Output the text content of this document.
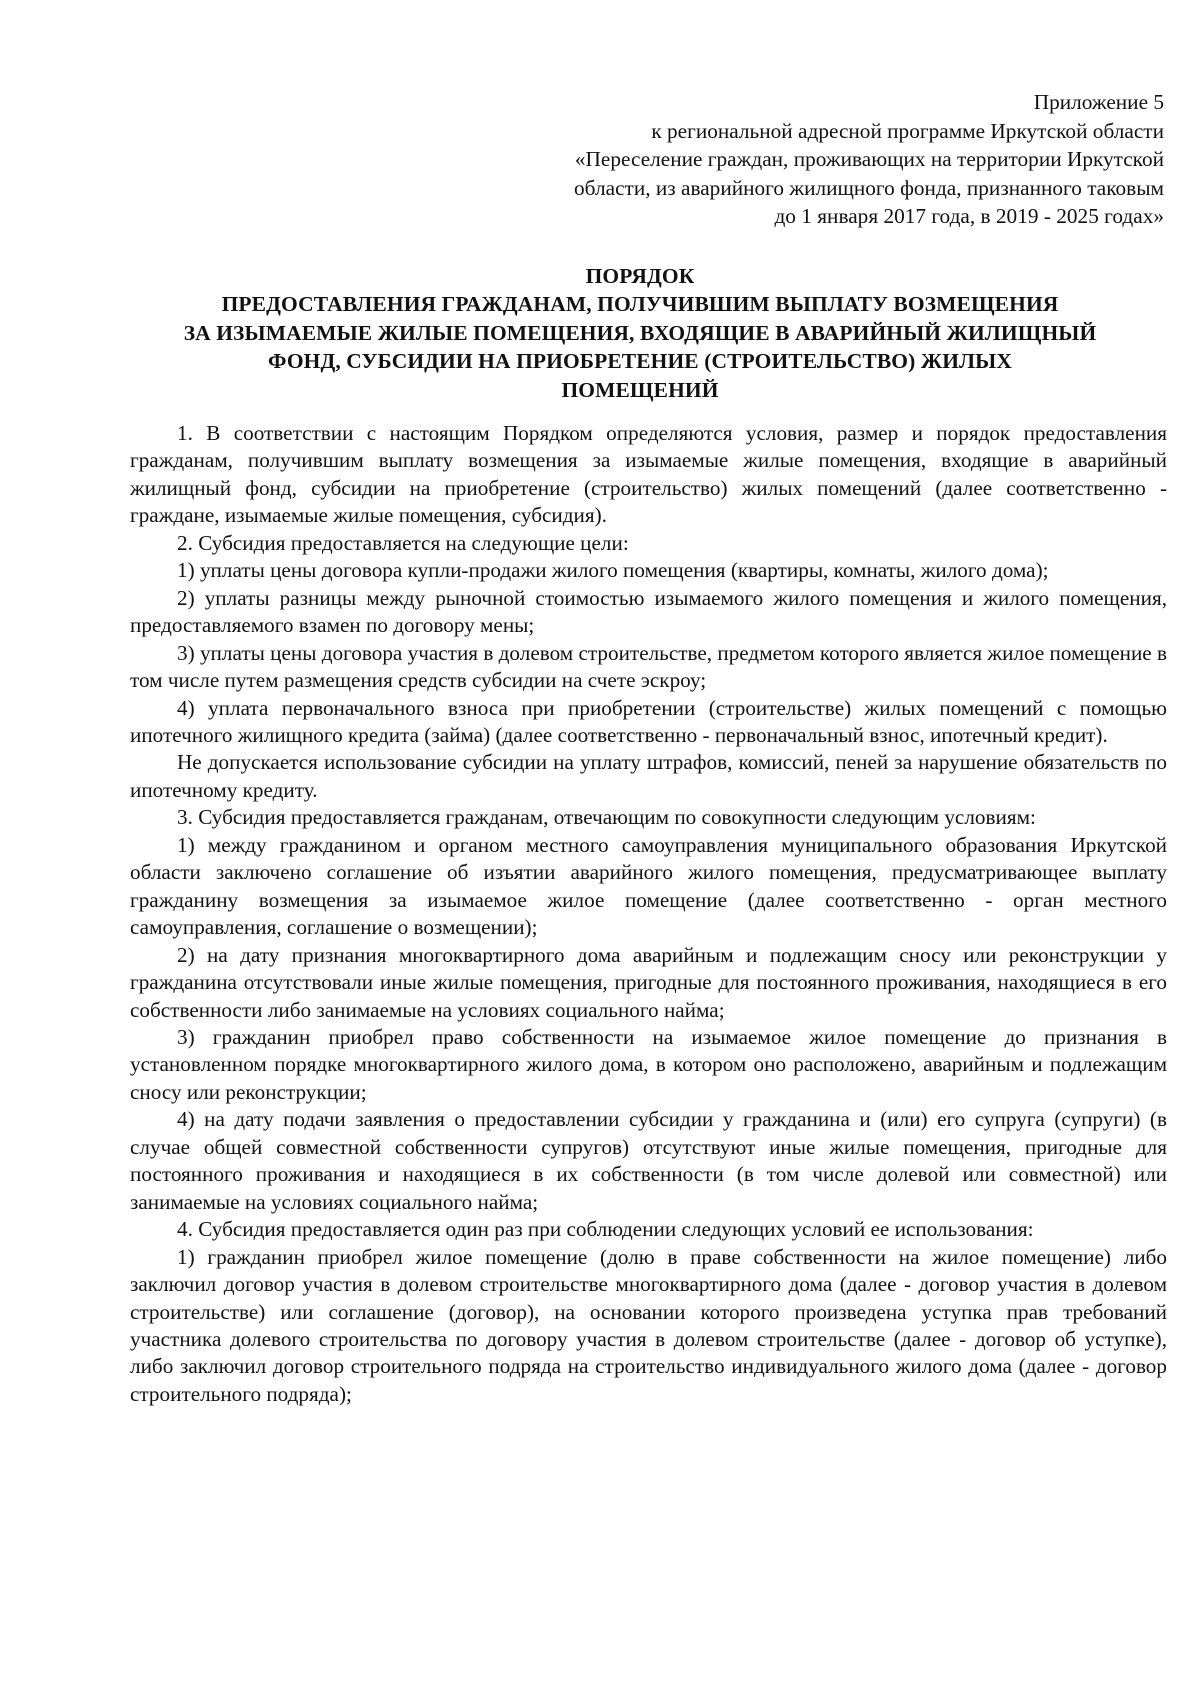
Приложение 5
к региональной адресной программе Иркутской области
«Переселение граждан, проживающих на территории Иркутской
области, из аварийного жилищного фонда, признанного таковым
до 1 января 2017 года, в 2019 - 2025 годах»
ПОРЯДОК
ПРЕДОСТАВЛЕНИЯ ГРАЖДАНАМ, ПОЛУЧИВШИМ ВЫПЛАТУ ВОЗМЕЩЕНИЯ
ЗА ИЗЫМАЕМЫЕ ЖИЛЫЕ ПОМЕЩЕНИЯ, ВХОДЯЩИЕ В АВАРИЙНЫЙ ЖИЛИЩНЫЙ
ФОНД, СУБСИДИИ НА ПРИОБРЕТЕНИЕ (СТРОИТЕЛЬСТВО) ЖИЛЫХ
ПОМЕЩЕНИЙ

1. В соответствии с настоящим Порядком определяются условия, размер и порядок предоставления гражданам, получившим выплату возмещения за изымаемые жилые помещения, входящие в аварийный жилищный фонд, субсидии на приобретение (строительство) жилых помещений (далее соответственно - граждане, изымаемые жилые помещения, субсидия).

2. Субсидия предоставляется на следующие цели:

1) уплаты цены договора купли-продажи жилого помещения (квартиры, комнаты, жилого дома);

2) уплаты разницы между рыночной стоимостью изымаемого жилого помещения и жилого помещения, предоставляемого взамен по договору мены;

3) уплаты цены договора участия в долевом строительстве, предметом которого является жилое помещение в том числе путем размещения средств субсидии на счете эскроу;

4) уплата первоначального взноса при приобретении (строительстве) жилых помещений с помощью ипотечного жилищного кредита (займа) (далее соответственно - первоначальный взнос, ипотечный кредит).

Не допускается использование субсидии на уплату штрафов, комиссий, пеней за нарушение обязательств по ипотечному кредиту.

3. Субсидия предоставляется гражданам, отвечающим по совокупности следующим условиям:

1) между гражданином и органом местного самоуправления муниципального образования Иркутской области заключено соглашение об изъятии аварийного жилого помещения, предусматривающее выплату гражданину возмещения за изымаемое жилое помещение (далее соответственно - орган местного самоуправления, соглашение о возмещении);

2) на дату признания многоквартирного дома аварийным и подлежащим сносу или реконструкции у гражданина отсутствовали иные жилые помещения, пригодные для постоянного проживания, находящиеся в его собственности либо занимаемые на условиях социального найма;

3) гражданин приобрел право собственности на изымаемое жилое помещение до признания в установленном порядке многоквартирного жилого дома, в котором оно расположено, аварийным и подлежащим сносу или реконструкции;

4) на дату подачи заявления о предоставлении субсидии у гражданина и (или) его супруга (супруги) (в случае общей совместной собственности супругов) отсутствуют иные жилые помещения, пригодные для постоянного проживания и находящиеся в их собственности (в том числе долевой или совместной) или занимаемые на условиях социального найма;

4. Субсидия предоставляется один раз при соблюдении следующих условий ее использования:

1) гражданин приобрел жилое помещение (долю в праве собственности на жилое помещение) либо заключил договор участия в долевом строительстве многоквартирного дома (далее - договор участия в долевом строительстве) или соглашение (договор), на основании которого произведена уступка прав требований участника долевого строительства по договору участия в долевом строительстве (далее - договор об уступке), либо заключил договор строительного подряда на строительство индивидуального жилого дома (далее - договор строительного подряда);
